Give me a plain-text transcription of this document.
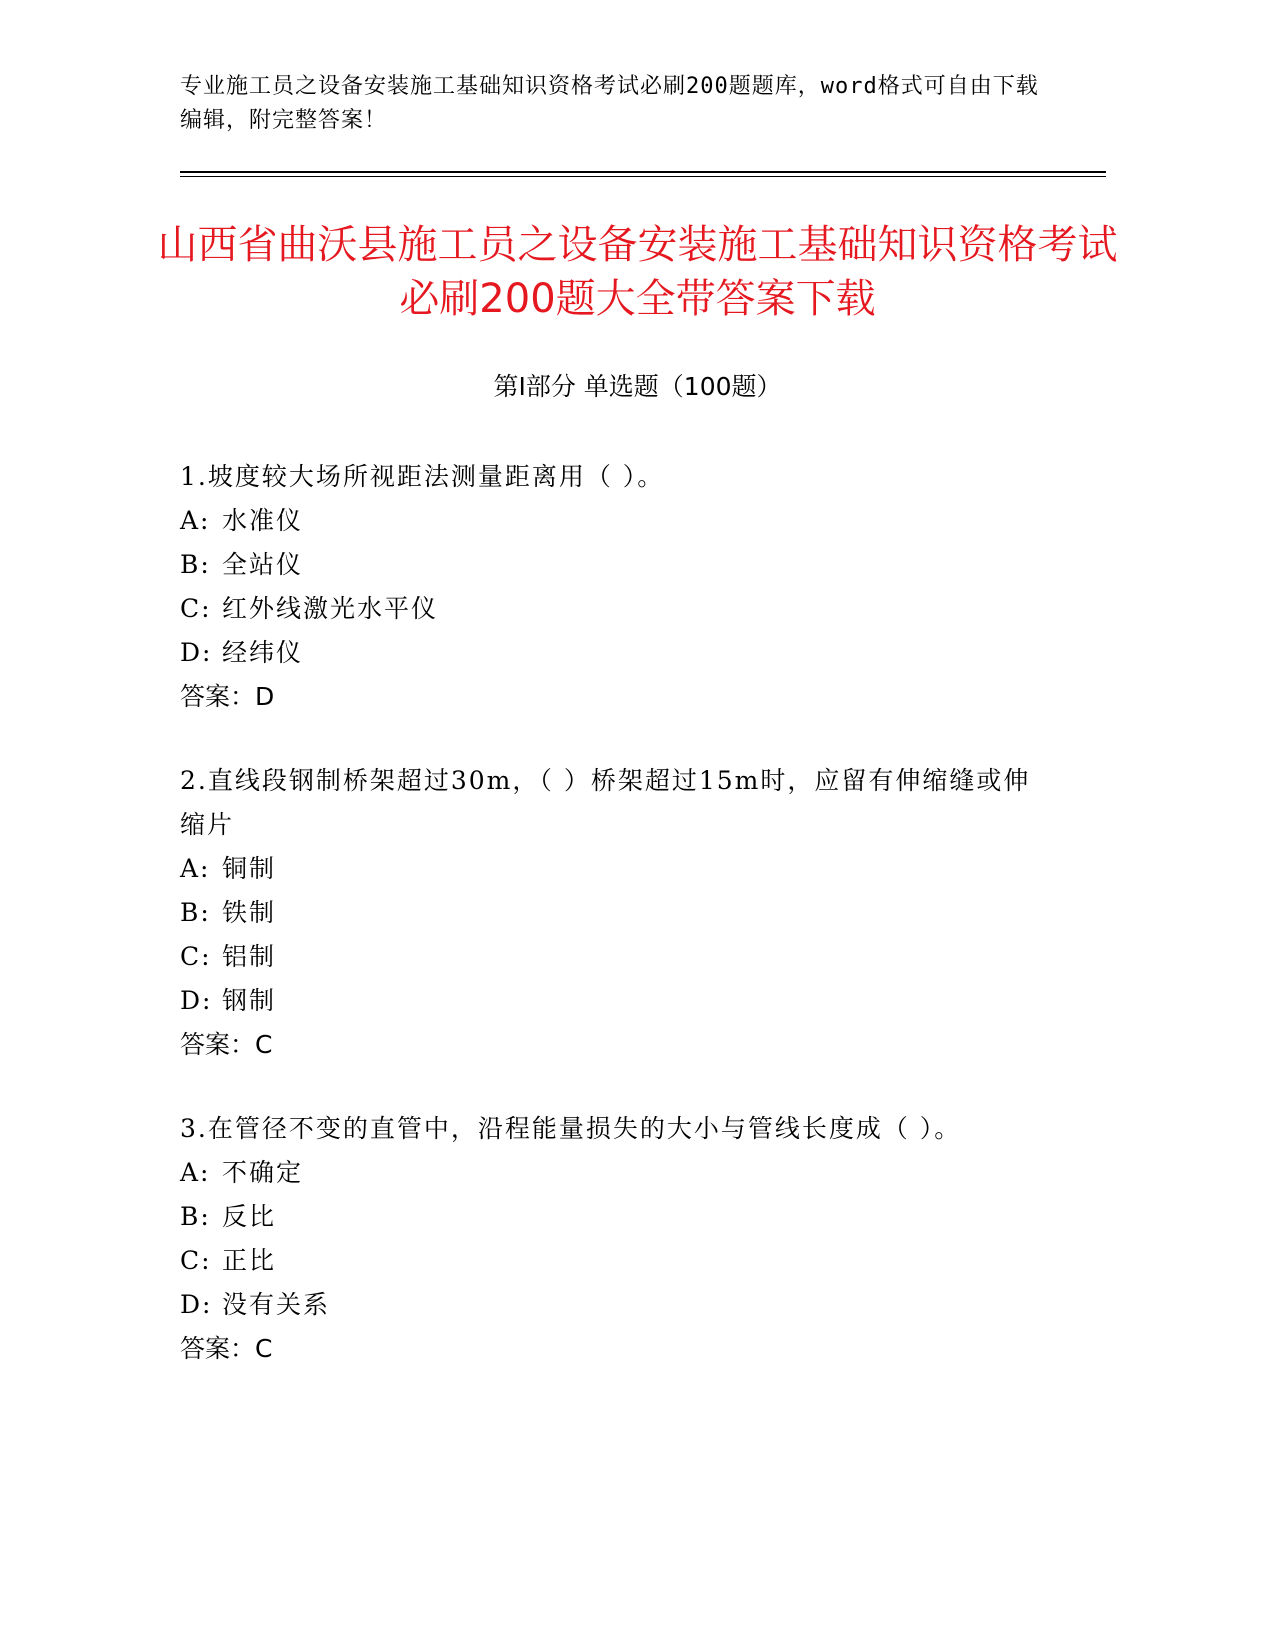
专业施工员之设备安装施工基础知识资格考试必刷200题题库，word格式可自由下载编辑，附完整答案！
山西省曲沃县施工员之设备安装施工基础知识资格考试必刷200题大全带答案下载
第Ⅰ部分 单选题（100题）
1.坡度较大场所视距法测量距离用（ ）。
A: 水准仪
B: 全站仪
C: 红外线激光水平仪
D: 经纬仪
答案：D
2.直线段钢制桥架超过30m，（ ）桥架超过15m时，应留有伸缩缝或伸缩片
A: 铜制
B: 铁制
C: 铝制
D: 钢制
答案：C
3.在管径不变的直管中，沿程能量损失的大小与管线长度成（ ）。
A: 不确定
B: 反比
C: 正比
D: 没有关系
答案：C
